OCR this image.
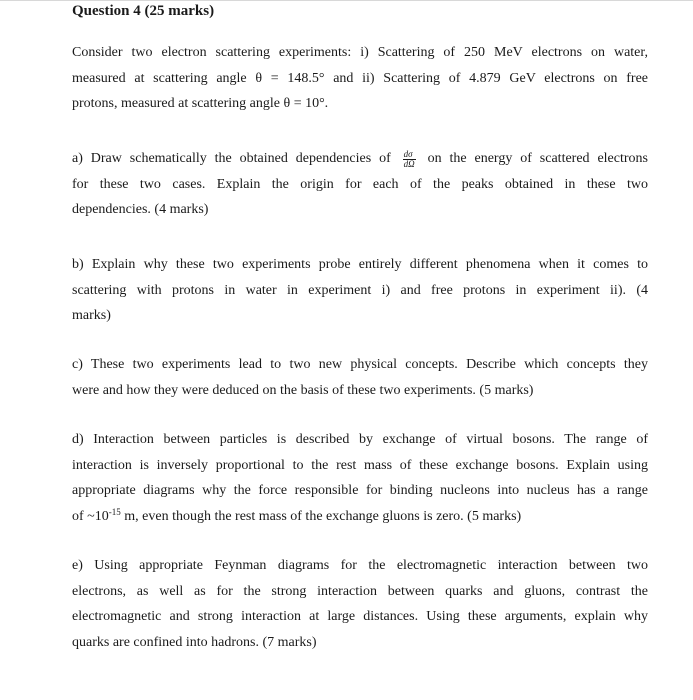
Question 4 (25 marks)
Consider two electron scattering experiments: i) Scattering of 250 MeV electrons on water,
measured at scattering angle θ = 148.5° and ii) Scattering of 4.879 GeV electrons on free
protons, measured at scattering angle θ = 10°.
a) Draw schematically the obtained dependencies of $\frac{d\sigma}{d\Omega}$ on the energy of scattered electrons
for these two cases. Explain the origin for each of the peaks obtained in these two
dependencies. (4 marks)
b) Explain why these two experiments probe entirely different phenomena when it comes to
scattering with protons in water in experiment i) and free protons in experiment ii). (4
marks)
c) These two experiments lead to two new physical concepts. Describe which concepts they
were and how they were deduced on the basis of these two experiments. (5 marks)
d) Interaction between particles is described by exchange of virtual bosons. The range of
interaction is inversely proportional to the rest mass of these exchange bosons. Explain using
appropriate diagrams why the force responsible for binding nucleons into nucleus has a range
of $\sim 10^{-15}$ m, even though the rest mass of the exchange gluons is zero. (5 marks)
e) Using appropriate Feynman diagrams for the electromagnetic interaction between two
electrons, as well as for the strong interaction between quarks and gluons, contrast the
electromagnetic and strong interaction at large distances. Using these arguments, explain why
quarks are confined into hadrons. (7 marks)
